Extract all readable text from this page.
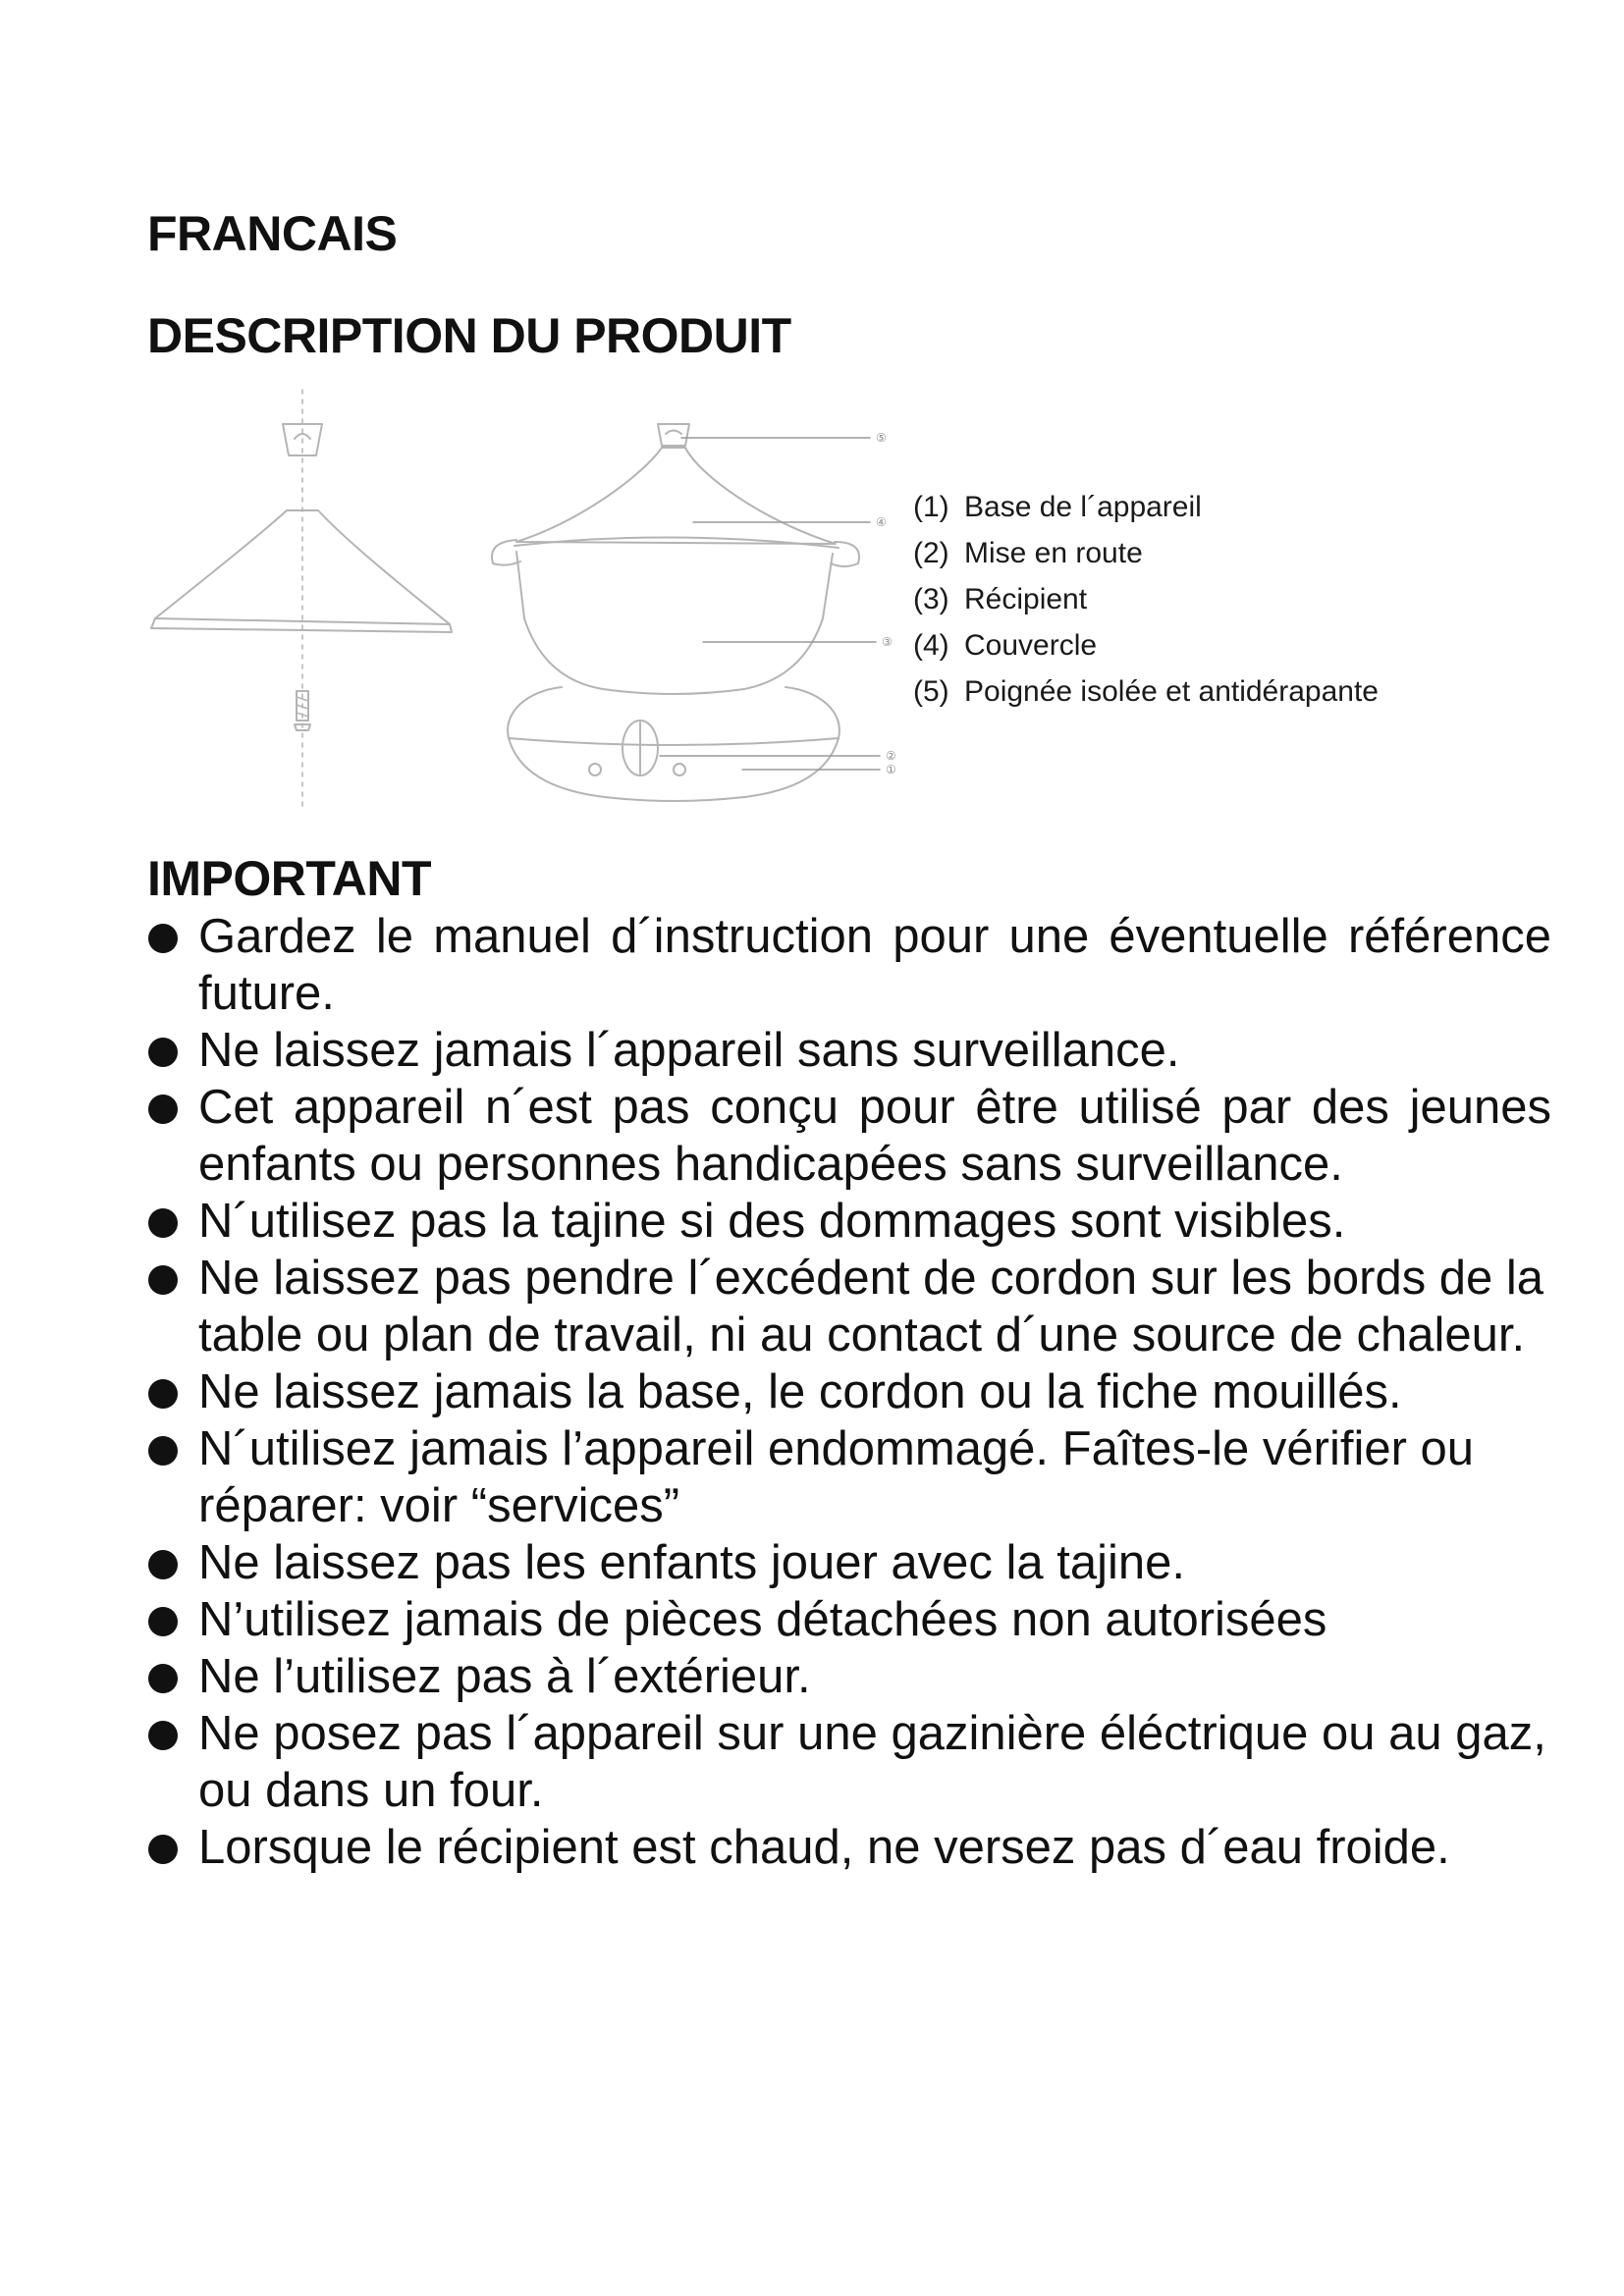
FRANCAIS
DESCRIPTION DU PRODUIT
⑤
④
③
②
①
(1) Base de l´appareil
(2) Mise en route
(3) Récipient
(4) Couvercle
(5) Poignée isolée et antidérapante
IMPORTANT
Gardez le manuel d´instruction pour une éventuelle référence future.
Ne laissez jamais l´appareil sans surveillance.
Cet appareil n´est pas conçu pour être utilisé par des jeunes enfants ou personnes handicapées sans surveillance.
N´utilisez pas la tajine si des dommages sont visibles.
Ne laissez pas pendre l´excédent de cordon sur les bords de la table ou plan de travail, ni au contact d´une source de chaleur.
Ne laissez jamais la base, le cordon ou la fiche mouillés.
N´utilisez jamais l’appareil endommagé. Faîtes-le vérifier ou réparer: voir “services”
Ne laissez pas les enfants jouer avec la tajine.
N’utilisez jamais de pièces détachées non autorisées
Ne l’utilisez pas à l´extérieur.
Ne posez pas l´appareil sur une gazinière éléctrique ou au gaz, ou dans un four.
Lorsque le récipient est chaud, ne versez pas d´eau froide.
